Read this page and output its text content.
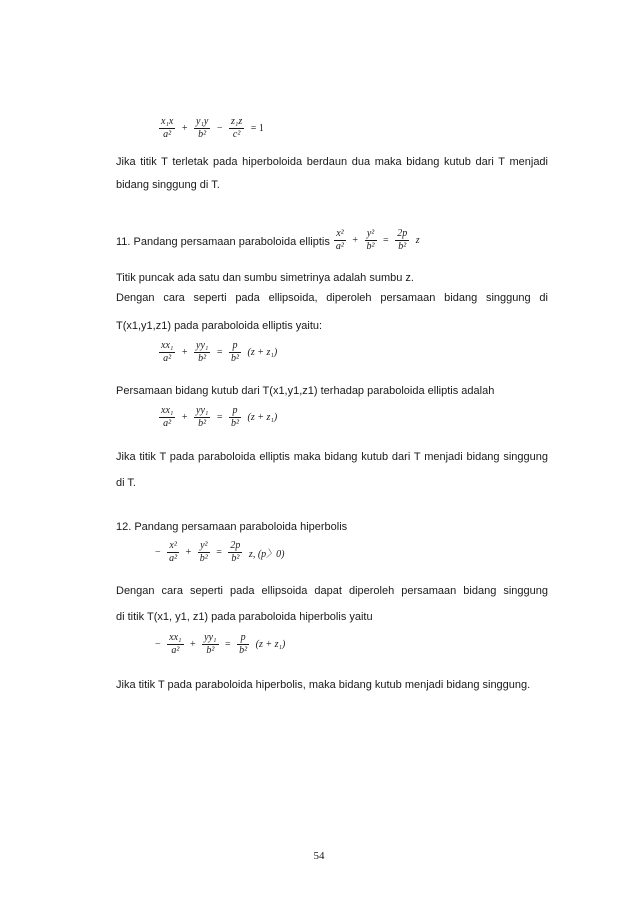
$\frac{\text{x₁x}}{\text{a²}} + \frac{\text{y₁y}}{\text{b²}} - \frac{\text{z₁z}}{\text{c²}} = 1$
Jika titik T terletak pada hiperboloida berdaun dua maka bidang kutub dari T menjadi bidang singgung di T.
11. Pandang persamaan paraboloida elliptis $\frac{\text{x²}}{\text{a²}} + \frac{\text{y²}}{\text{b²}} = \frac{2p}{\text{b²}}$ z
Titik puncak ada satu dan sumbu simetrinya adalah sumbu z.
Dengan cara seperti pada ellipsoida, diperoleh persamaan bidang singgung di
T(x1,y1,z1) pada paraboloida elliptis yaitu:
$\frac{\text{xx₁}}{\text{a²}} + \frac{\text{yy₁}}{\text{b²}} = \frac{p}{\text{b²}} (z + z_1)$
Persamaan bidang kutub dari T(x1,y1,z1) terhadap paraboloida elliptis adalah
$\frac{\text{xx₁}}{\text{a²}} + \frac{\text{yy₁}}{\text{b²}} = \frac{p}{\text{b²}} (z + z_1)$
Jika titik T pada paraboloida elliptis maka bidang kutub dari T menjadi bidang singgung di T.
12. Pandang persamaan paraboloida hiperbolis
− $\frac{\text{x²}}{\text{a²}} + \frac{\text{y²}}{\text{b²}} = \frac{2p}{\text{b²}} z$, (p〉0)
Dengan cara seperti pada ellipsoida dapat diperoleh persamaan bidang singgung
di titik T(x1, y1, z1) pada paraboloida hiperbolis yaitu
− $\frac{\text{xx₁}}{\text{a²}} + \frac{\text{yy₁}}{\text{b²}} = \frac{p}{\text{b²}} (z + z_1)$
Jika titik T pada paraboloida hiperbolis, maka bidang kutub menjadi bidang singgung.
54
